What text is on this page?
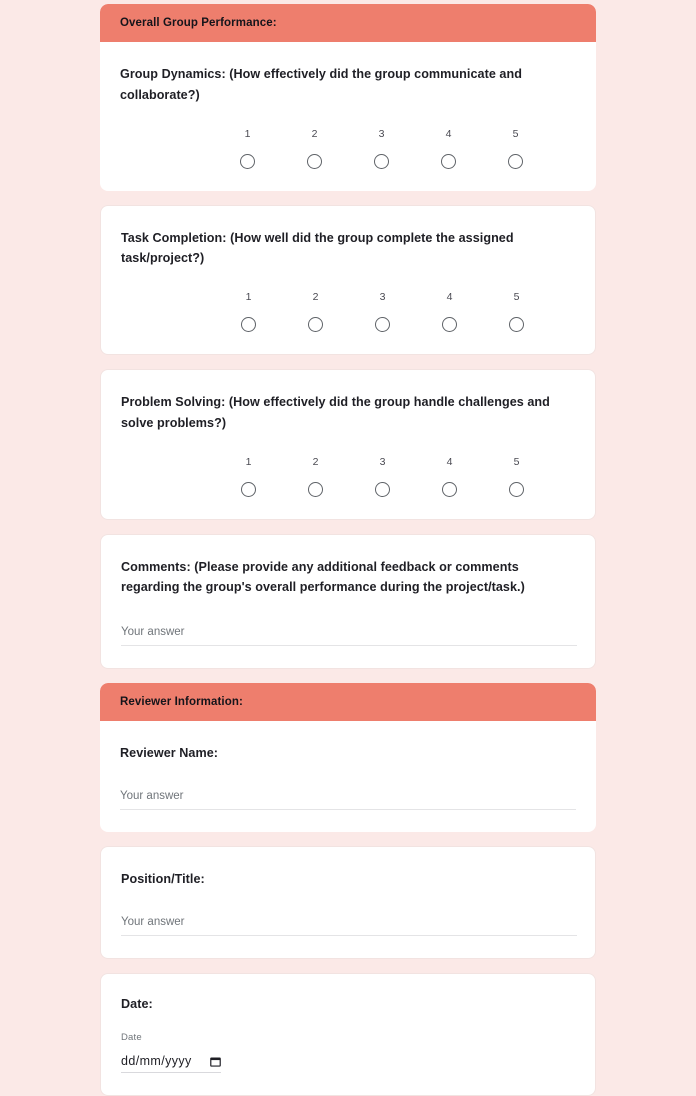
Overall Group Performance:
Group Dynamics: (How effectively did the group communicate and collaborate?)
1	2	3	4	5
Task Completion: (How well did the group complete the assigned task/project?)
1	2	3	4	5
Problem Solving: (How effectively did the group handle challenges and solve problems?)
1	2	3	4	5
Comments: (Please provide any additional feedback or comments regarding the group's overall performance during the project/task.)
Your answer
Reviewer Information:
Reviewer Name:
Your answer
Position/Title:
Your answer
Date:
Date
dd/mm/yyyy
